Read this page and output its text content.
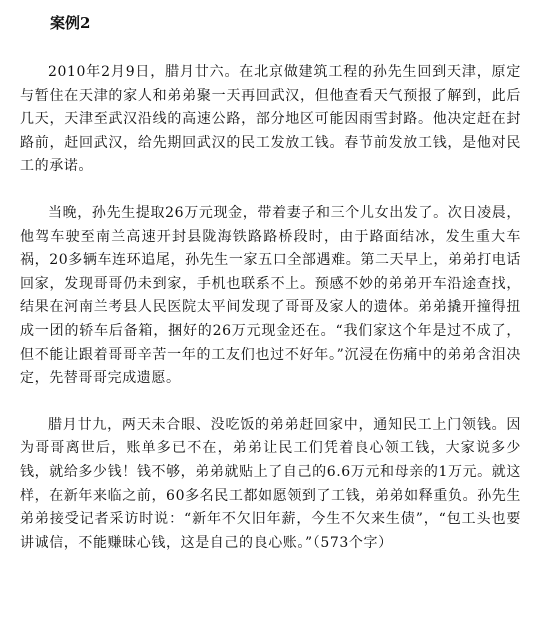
案例2

2010年2月9日，腊月廿六。在北京做建筑工程的孙先生回到天津，原定与暂住在天津的家人和弟弟聚一天再回武汉，但他查看天气预报了解到，此后几天，天津至武汉沿线的高速公路，部分地区可能因雨雪封路。他决定赶在封路前，赶回武汉，给先期回武汉的民工发放工钱。春节前发放工钱，是他对民工的承诺。

当晚，孙先生提取26万元现金，带着妻子和三个儿女出发了。次日凌晨，他驾车驶至南兰高速开封县陇海铁路路桥段时，由于路面结冰，发生重大车祸，20多辆车连环追尾，孙先生一家五口全部遇难。第二天早上，弟弟打电话回家，发现哥哥仍未到家，手机也联系不上。预感不妙的弟弟开车沿途查找，结果在河南兰考县人民医院太平间发现了哥哥及家人的遗体。弟弟撬开撞得扭成一团的轿车后备箱，捆好的26万元现金还在。“我们家这个年是过不成了，但不能让跟着哥哥辛苦一年的工友们也过不好年。”沉浸在伤痛中的弟弟含泪决定，先替哥哥完成遗愿。

腊月廿九，两天未合眼、没吃饭的弟弟赶回家中，通知民工上门领钱。因为哥哥离世后，账单多已不在，弟弟让民工们凭着良心领工钱，大家说多少钱，就给多少钱！钱不够，弟弟就贴上了自己的6.6万元和母亲的1万元。就这样，在新年来临之前，60多名民工都如愿领到了工钱，弟弟如释重负。孙先生弟弟接受记者采访时说：“新年不欠旧年薪，今生不欠来生债”，“包工头也要讲诚信，不能赚昧心钱，这是自己的良心账。”（573个字）
